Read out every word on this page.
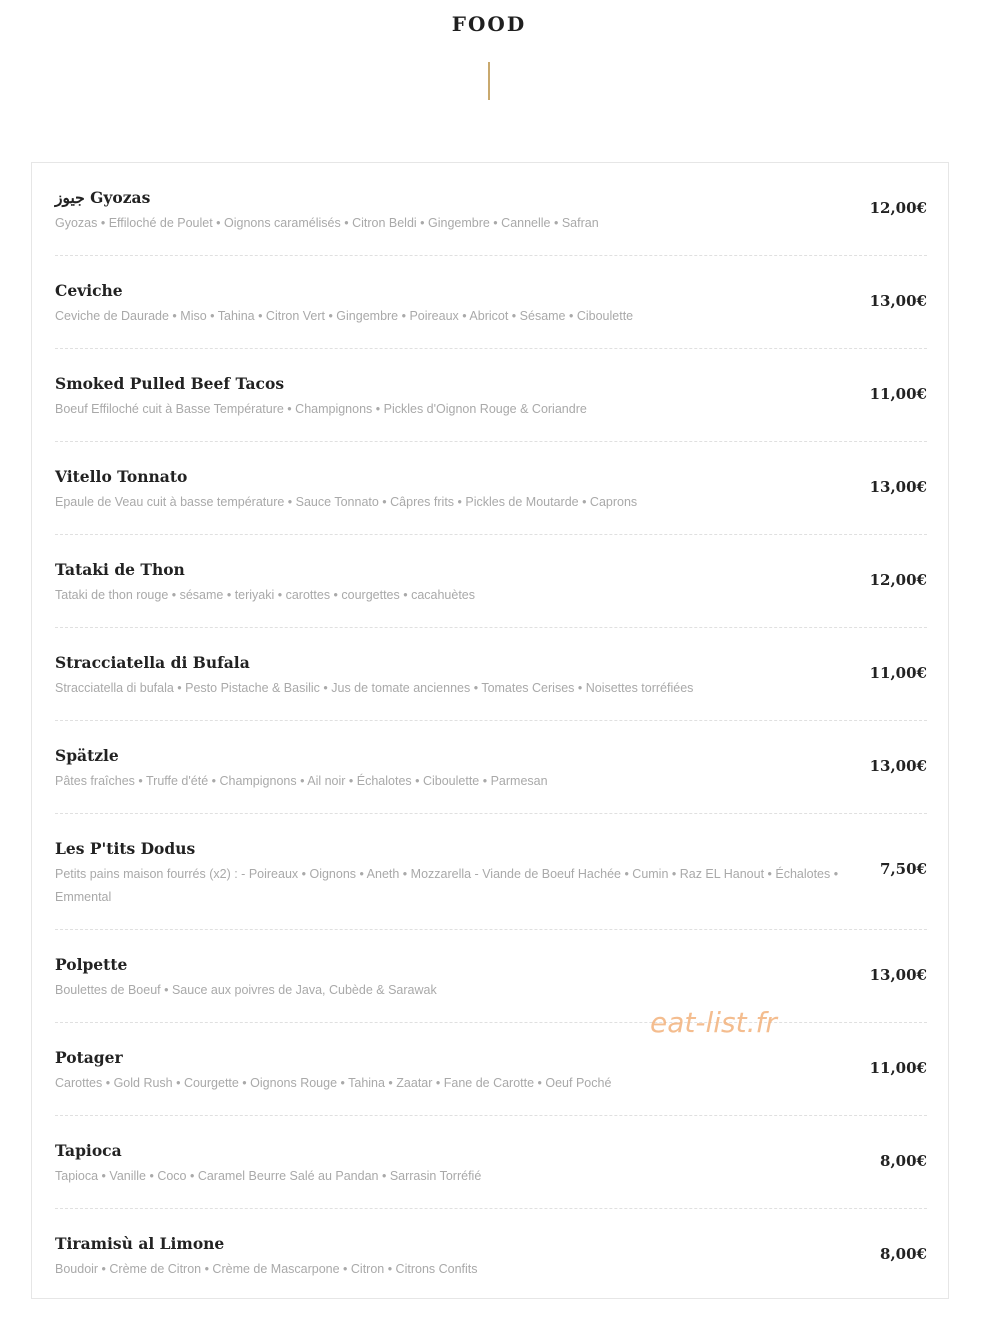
FOOD
جيوز Gyozas
Gyozas • Effiloché de Poulet • Oignons caramélisés • Citron Beldi • Gingembre • Cannelle • Safran
12,00€
Ceviche
Ceviche de Daurade • Miso • Tahina • Citron Vert • Gingembre • Poireaux • Abricot • Sésame • Ciboulette
13,00€
Smoked Pulled Beef Tacos
Boeuf Effiloché cuit à Basse Température • Champignons • Pickles d'Oignon Rouge & Coriandre
11,00€
Vitello Tonnato
Epaule de Veau cuit à basse température • Sauce Tonnato • Câpres frits • Pickles de Moutarde • Caprons
13,00€
Tataki de Thon
Tataki de thon rouge • sésame • teriyaki • carottes • courgettes • cacahuètes
12,00€
Stracciatella di Bufala
Stracciatella di bufala • Pesto Pistache & Basilic • Jus de tomate anciennes • Tomates Cerises • Noisettes torréfiées
11,00€
Spätzle
Pâtes fraîches • Truffe d'été • Champignons • Ail noir • Échalotes • Ciboulette • Parmesan
13,00€
Les P'tits Dodus
Petits pains maison fourrés (x2) : - Poireaux • Oignons • Aneth • Mozzarella - Viande de Boeuf Hachée • Cumin • Raz EL Hanout • Échalotes • Emmental
7,50€
Polpette
Boulettes de Boeuf • Sauce aux poivres de Java, Cubède & Sarawak
13,00€
Potager
Carottes • Gold Rush • Courgette • Oignons Rouge • Tahina • Zaatar • Fane de Carotte • Oeuf Poché
11,00€
Tapioca
Tapioca • Vanille • Coco • Caramel Beurre Salé au Pandan • Sarrasin Torréfié
8,00€
Tiramisù al Limone
Boudoir • Crème de Citron • Crème de Mascarpone • Citron • Citrons Confits
8,00€
eat-list.fr
